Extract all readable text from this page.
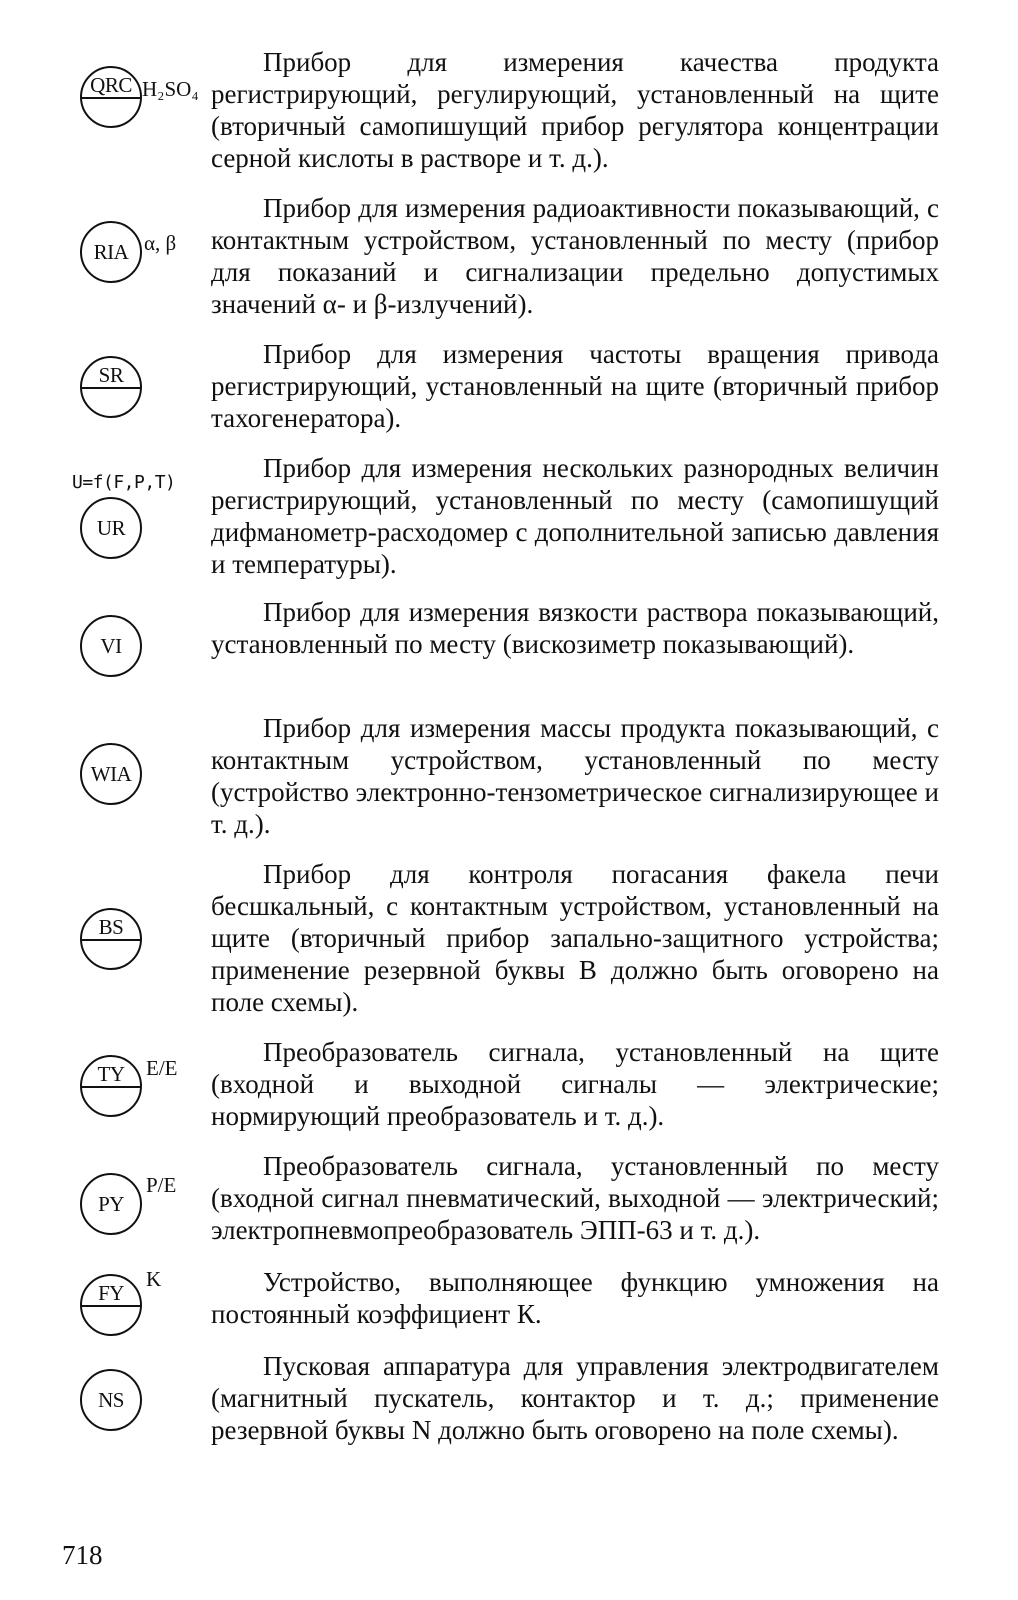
QRC H₂SO₄

Прибор для измерения качества продукта регистрирующий, регулирующий, установленный на щите (вторичный самопишущий прибор регулятора концентрации серной кислоты в растворе и т. д.).

RIA α, β

Прибор для измерения радиоактивности показывающий, с контактным устройством, установленный по месту (прибор для показаний и сигнализации предельно допустимых значений α- и β-излучений).

SR

Прибор для измерения частоты вращения привода регистрирующий, установленный на щите (вторичный прибор тахогенератора).

U=f(F,P,T)
UR

Прибор для измерения нескольких разнородных величин регистрирующий, установленный по месту (самопишущий дифманометр-расходомер с дополнительной записью давления и температуры).

VI

Прибор для измерения вязкости раствора показывающий, установленный по месту (вискозиметр показывающий).

WIA

Прибор для измерения массы продукта показывающий, с контактным устройством, установленный по месту (устройство электронно-тензометрическое сигнализирующее и т. д.).

BS

Прибор для контроля погасания факела печи бесшкальный, с контактным устройством, установленный на щите (вторичный прибор запально-защитного устройства; применение резервной буквы B должно быть оговорено на поле схемы).

TY	E/E

Преобразователь сигнала, установленный на щите (входной и выходной сигналы — электрические; нормирующий преобразователь и т. д.).

PY
P/E

Преобразователь сигнала, установленный по месту (входной сигнал пневматический, выходной — электрический; электропневмопреобразователь ЭПП-63 и т. д.).

FY
K	Устройство, выполняющее функцию умножения на постоянный коэффициент К.

NS

Пусковая аппаратура для управления электродвигателем (магнитный пускатель, контактор и т. д.; применение резервной буквы N должно быть оговорено на поле схемы).

718
